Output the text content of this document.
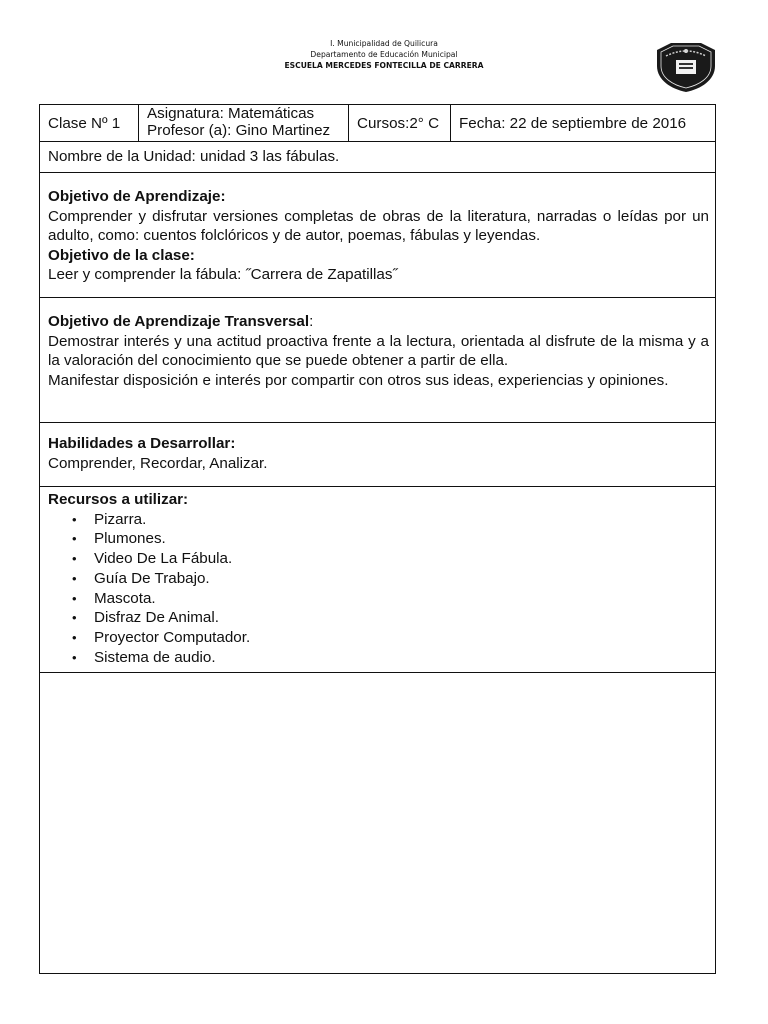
I. Municipalidad de Quilicura
Departamento de Educación Municipal
ESCUELA MERCEDES FONTECILLA DE CARRERA
Clase Nº 1
Asignatura: Matemáticas
Profesor (a): Gino Martinez Cursos:2° C Fecha: 22 de septiembre de 2016
Nombre de la Unidad: unidad 3 las fábulas.
Objetivo de Aprendizaje:
Comprender y disfrutar versiones completas de obras de la literatura, narradas o leídas por un adulto, como: cuentos folclóricos y de autor, poemas, fábulas y leyendas.
Objetivo de la clase:
Leer y comprender la fábula: ˝Carrera de Zapatillas˝
Objetivo de Aprendizaje Transversal:
Demostrar interés y una actitud proactiva frente a la lectura, orientada al disfrute de la misma y a la valoración del conocimiento que se puede obtener a partir de ella.
Manifestar disposición e interés por compartir con otros sus ideas, experiencias y opiniones.
Habilidades a Desarrollar:
Comprender, Recordar, Analizar.
Recursos a utilizar:
• Pizarra.
• Plumones.
• Video De La Fábula.
• Guía De Trabajo.
• Mascota.
• Disfraz De Animal.
• Proyector Computador.
• Sistema de audio.
